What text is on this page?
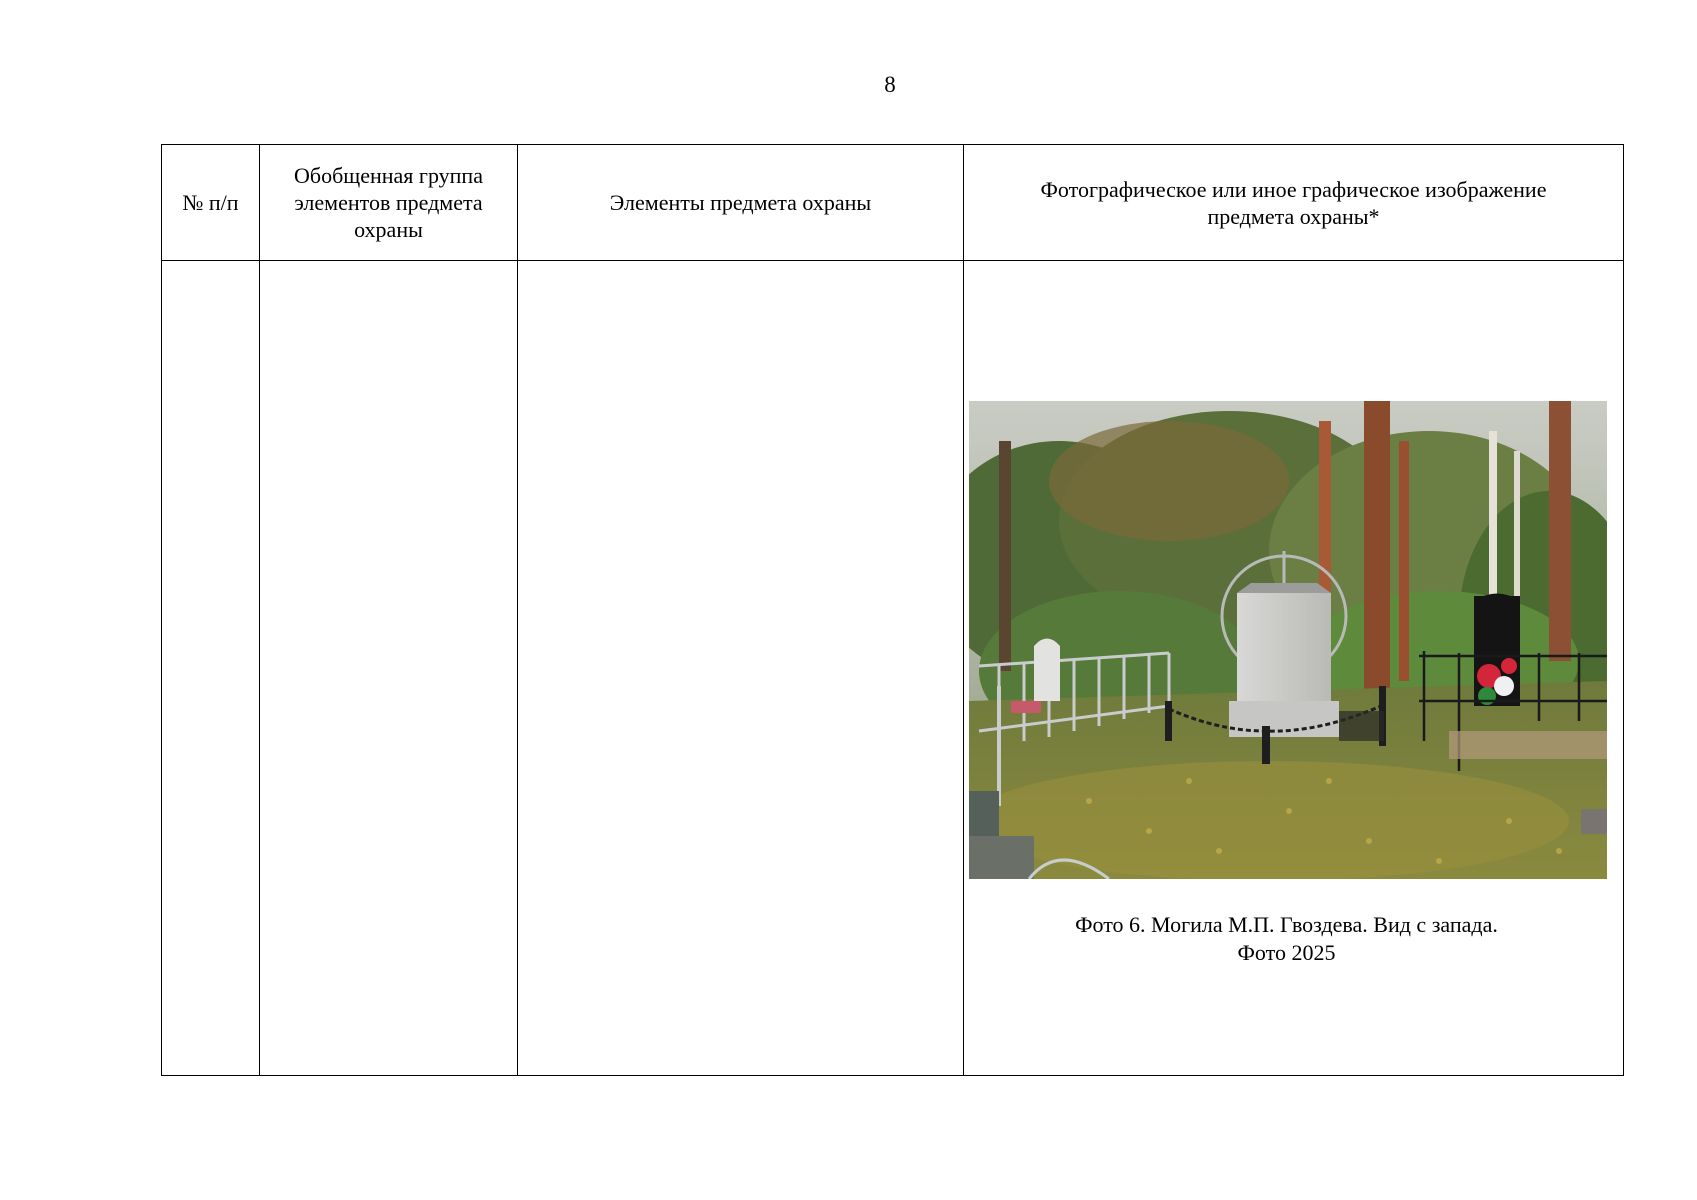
8
№ п/п	Обобщенная группа
элементов предмета
охраны	Элементы предмета охраны	Фотографическое или иное графическое изображение
предмета охраны*

			Фото 6. Могила М.П. Гвоздева. Вид с запада.
Фото 2025
